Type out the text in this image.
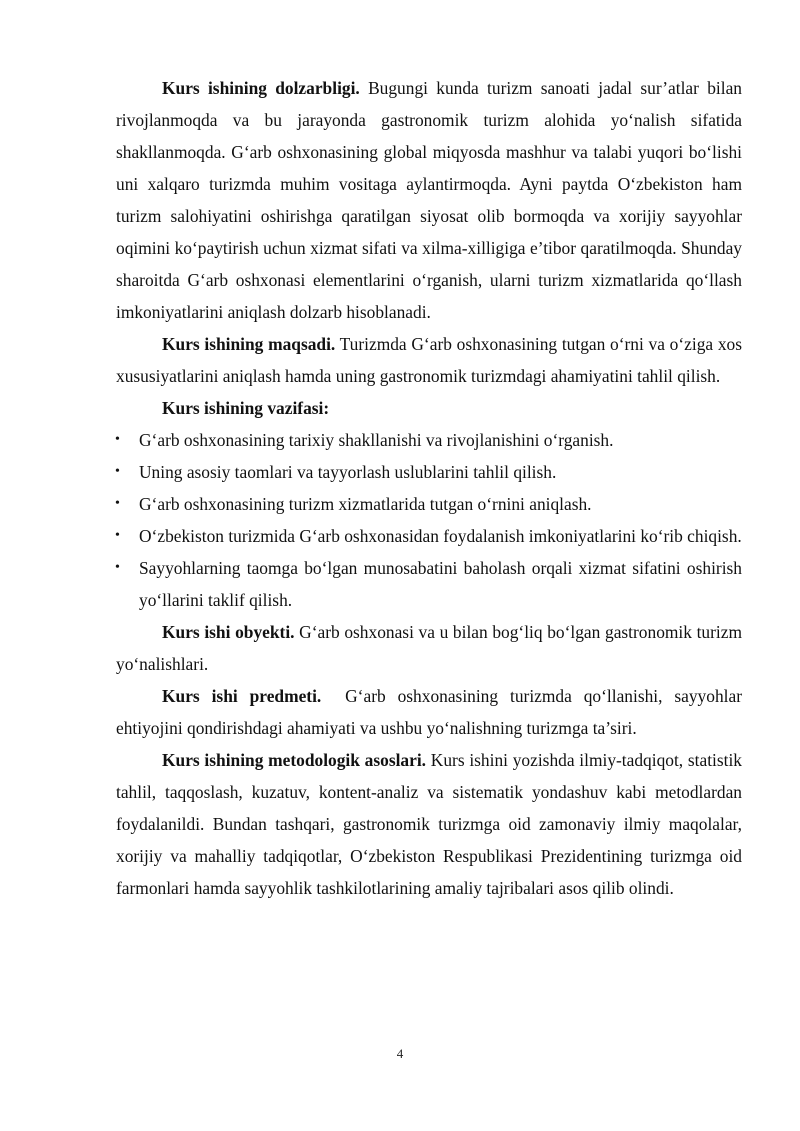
Kurs ishining dolzarbligi. Bugungi kunda turizm sanoati jadal sur’atlar bilan rivojlanmoqda va bu jarayonda gastronomik turizm alohida yo‘nalish sifatida shakllanmoqda. G‘arb oshxonasining global miqyosda mashhur va talabi yuqori bo‘lishi uni xalqaro turizmda muhim vositaga aylantirmoqda. Ayni paytda O‘zbekiston ham turizm salohiyatini oshirishga qaratilgan siyosat olib bormoqda va xorijiy sayyohlar oqimini ko‘paytirish uchun xizmat sifati va xilma-xilligiga e’tibor qaratilmoqda. Shunday sharoitda G‘arb oshxonasi elementlarini o‘rganish, ularni turizm xizmatlarida qo‘llash imkoniyatlarini aniqlash dolzarb hisoblanadi.

Kurs ishining maqsadi. Turizmda G‘arb oshxonasining tutgan o‘rni va o‘ziga xos xususiyatlarini aniqlash hamda uning gastronomik turizmdagi ahamiyatini tahlil qilish.

Kurs ishining vazifasi:

• G‘arb oshxonasining tarixiy shakllanishi va rivojlanishini o‘rganish.
• Uning asosiy taomlari va tayyorlash uslublarini tahlil qilish.
• G‘arb oshxonasining turizm xizmatlarida tutgan o‘rnini aniqlash.
• O‘zbekiston turizmida G‘arb oshxonasidan foydalanish imkoniyatlarini ko‘rib chiqish.
• Sayyohlarning taomga bo‘lgan munosabatini baholash orqali xizmat sifatini oshirish yo‘llarini taklif qilish.

Kurs ishi obyekti. G‘arb oshxonasi va u bilan bog‘liq bo‘lgan gastronomik turizm yo‘nalishlari.

Kurs ishi predmeti.  G‘arb oshxonasining turizmda qo‘llanishi, sayyohlar ehtiyojini qondirishdagi ahamiyati va ushbu yo‘nalishning turizmga ta’siri.

Kurs ishining metodologik asoslari. Kurs ishini yozishda ilmiy-tadqiqot, statistik tahlil, taqqoslash, kuzatuv, kontent-analiz va sistematik yondashuv kabi metodlardan foydalanildi. Bundan tashqari, gastronomik turizmga oid zamonaviy ilmiy maqolalar, xorijiy va mahalliy tadqiqotlar, O‘zbekiston Respublikasi Prezidentining turizmga oid farmonlari hamda sayyohlik tashkilotlarining amaliy tajribalari asos qilib olindi.

4
